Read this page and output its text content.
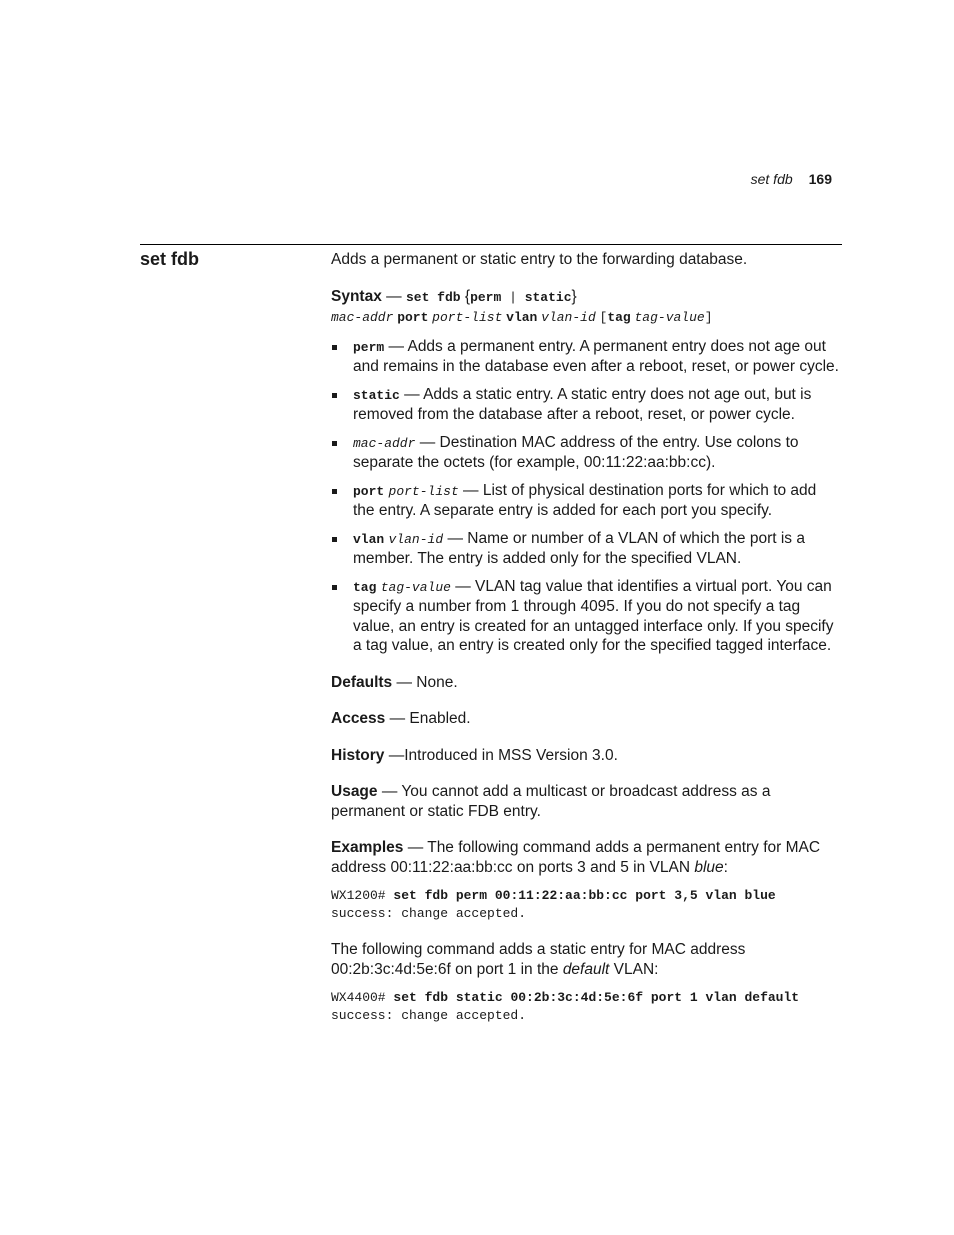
set fdb 169
set fdb	Adds a permanent or static entry to the forwarding database.

Syntax — set fdb {perm | static}

mac-addr port port-list vlan vlan-id [tag tag-value]

perm — Adds a permanent entry. A permanent entry does not age out and remains in the database even after a reboot, reset, or power cycle.
static — Adds a static entry. A static entry does not age out, but is removed from the database after a reboot, reset, or power cycle.
mac-addr — Destination MAC address of the entry. Use colons to separate the octets (for example, 00:11:22:aa:bb:cc).
port port-list — List of physical destination ports for which to add the entry. A separate entry is added for each port you specify.
vlan vlan-id — Name or number of a VLAN of which the port is a member. The entry is added only for the specified VLAN.
tag tag-value — VLAN tag value that identifies a virtual port. You can specify a number from 1 through 4095. If you do not specify a tag value, an entry is created for an untagged interface only. If you specify a tag value, an entry is created only for the specified tagged interface.

Defaults — None.

Access — Enabled.

History —Introduced in MSS Version 3.0.

Usage — You cannot add a multicast or broadcast address as a permanent or static FDB entry.

Examples — The following command adds a permanent entry for MAC address 00:11:22:aa:bb:cc on ports 3 and 5 in VLAN blue:

WX1200# set fdb perm 00:11:22:aa:bb:cc port 3,5 vlan blue
success: change accepted.

The following command adds a static entry for MAC address 00:2b:3c:4d:5e:6f on port 1 in the default VLAN:

WX4400# set fdb static 00:2b:3c:4d:5e:6f port 1 vlan default
success: change accepted.
